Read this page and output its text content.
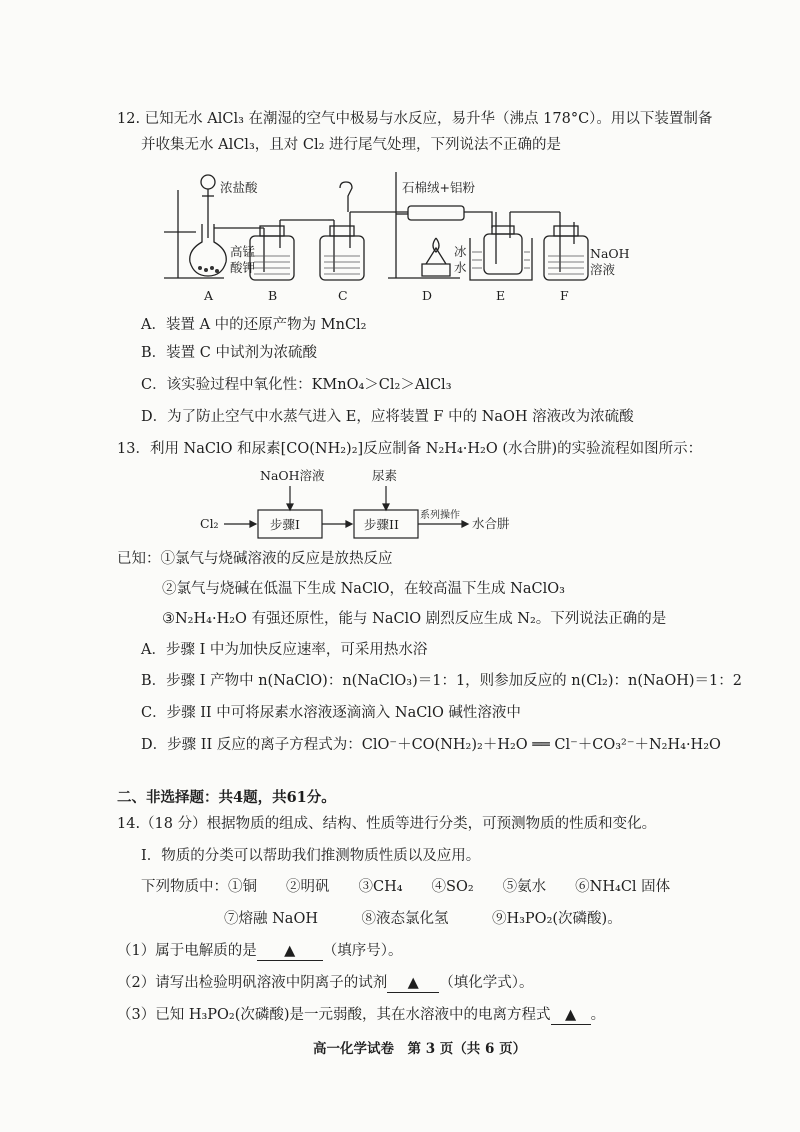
12. 已知无水 AlCl₃ 在潮湿的空气中极易与水反应，易升华（沸点 178°C）。用以下装置制备
并收集无水 AlCl₃，且对 Cl₂ 进行尾气处理，下列说法不正确的是
浓盐酸
高锰
酸钾
石棉绒+铝粉
冰
水
NaOH
溶液
A	B	C	D	E	F
A．装置 A 中的还原产物为 MnCl₂
B．装置 C 中试剂为浓硫酸
C．该实验过程中氧化性：KMnO₄＞Cl₂＞AlCl₃
D．为了防止空气中水蒸气进入 E，应将装置 F 中的 NaOH 溶液改为浓硫酸
13．利用 NaClO 和尿素[CO(NH₂)₂]反应制备 N₂H₄·H₂O (水合肼)的实验流程如图所示：
Cl₂
NaOH溶液	尿素
步骤I	步骤II
系列操作
水合肼
已知：①氯气与烧碱溶液的反应是放热反应
②氯气与烧碱在低温下生成 NaClO，在较高温下生成 NaClO₃
③N₂H₄·H₂O 有强还原性，能与 NaClO 剧烈反应生成 N₂。下列说法正确的是
A．步骤 I 中为加快反应速率，可采用热水浴
B．步骤 I 产物中 n(NaClO)：n(NaClO₃)＝1：1，则参加反应的 n(Cl₂)：n(NaOH)＝1：2
C．步骤 II 中可将尿素水溶液逐滴滴入 NaClO 碱性溶液中
D．步骤 II 反应的离子方程式为：ClO⁻＋CO(NH₂)₂＋H₂O ══ Cl⁻＋CO₃²⁻＋N₂H₄·H₂O
二、非选择题：共4题，共61分。
14.（18 分）根据物质的组成、结构、性质等进行分类，可预测物质的性质和变化。
I．物质的分类可以帮助我们推测物质性质以及应用。
下列物质中：①铜　　②明矾　　③CH₄　　④SO₂　　⑤氨水　　⑥NH₄Cl 固体
⑦熔融 NaOH　　　⑧液态氯化氢　　　⑨H₃PO₂(次磷酸)。
（1）属于电解质的是 ▲ （填序号）。
（2）请写出检验明矾溶液中阴离子的试剂 ▲ （填化学式）。
（3）已知 H₃PO₂(次磷酸)是一元弱酸，其在水溶液中的电离方程式 ▲ 。
高一化学试卷　第 3 页（共 6 页）
